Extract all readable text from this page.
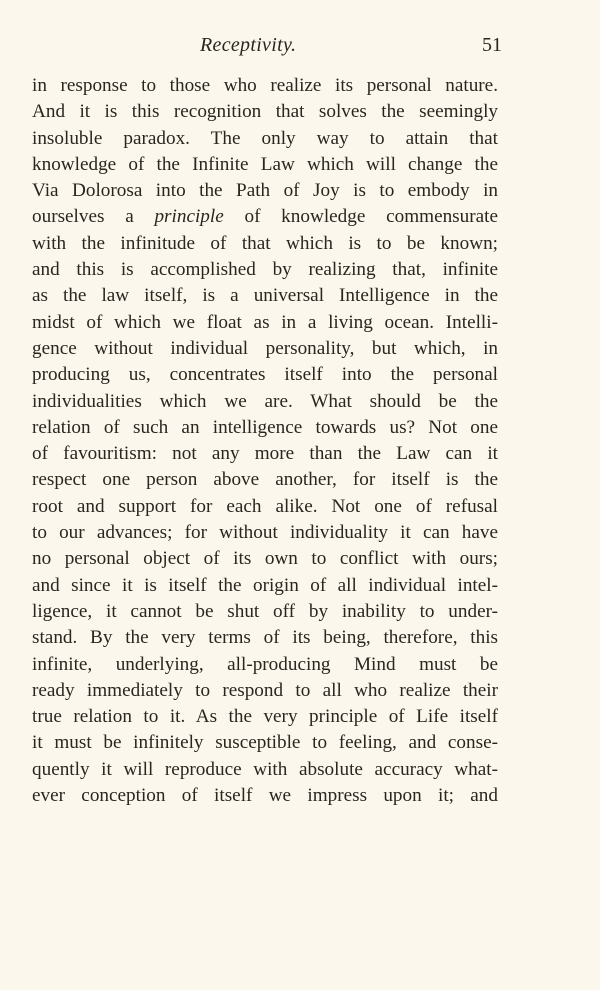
Receptivity.	51
in response to those who realize its personal nature.
And it is this recognition that solves the seemingly
insoluble paradox. The only way to attain that
knowledge of the Infinite Law which will change the
Via Dolorosa into the Path of Joy is to embody in
ourselves a principle of knowledge commensurate
with the infinitude of that which is to be known;
and this is accomplished by realizing that, infinite
as the law itself, is a universal Intelligence in the
midst of which we float as in a living ocean. Intelli-
gence without individual personality, but which, in
producing us, concentrates itself into the personal
individualities which we are. What should be the
relation of such an intelligence towards us? Not one
of favouritism: not any more than the Law can it
respect one person above another, for itself is the
root and support for each alike. Not one of refusal
to our advances; for without individuality it can have
no personal object of its own to conflict with ours;
and since it is itself the origin of all individual intel-
ligence, it cannot be shut off by inability to under-
stand. By the very terms of its being, therefore, this
infinite, underlying, all-producing Mind must be
ready immediately to respond to all who realize their
true relation to it. As the very principle of Life itself
it must be infinitely susceptible to feeling, and conse-
quently it will reproduce with absolute accuracy what-
ever conception of itself we impress upon it; and
